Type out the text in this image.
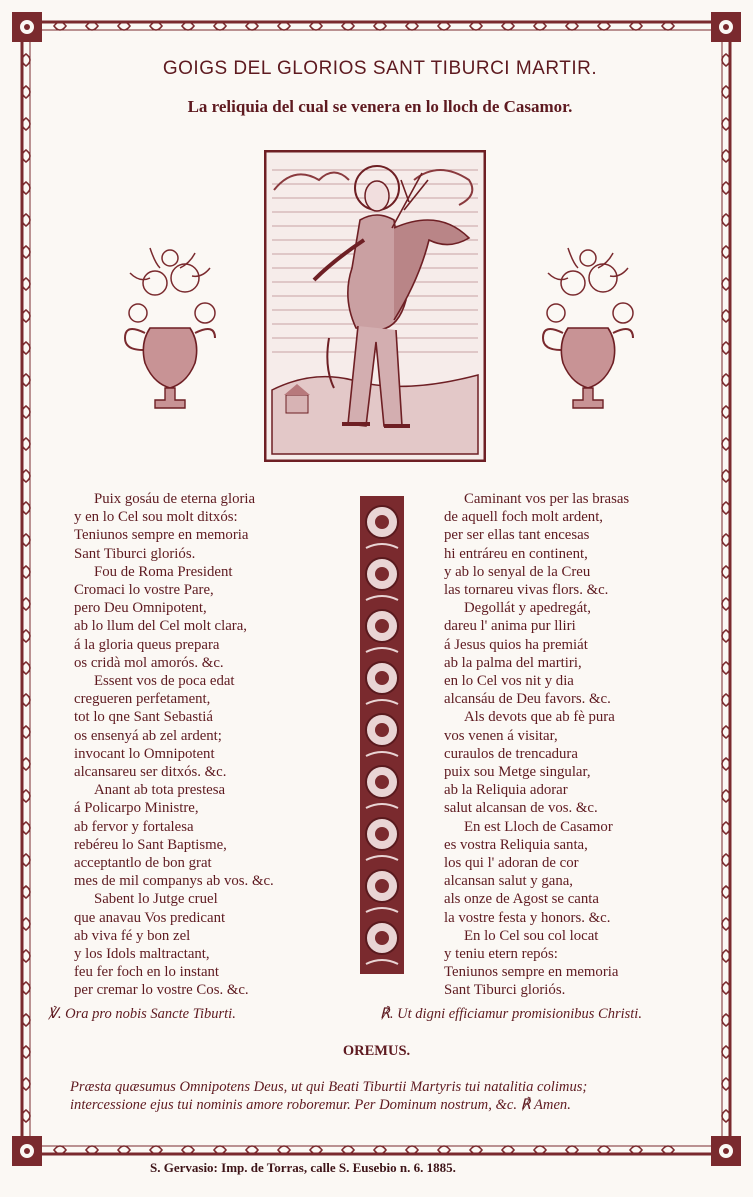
GOIGS DEL GLORIOS SANT TIBURCI MARTIR.

La reliquia del cual se venera en lo lloch de Casamor.

Puix gosáu de eterna gloria
y en lo Cel sou molt ditxós:
Teniunos sempre en memoria
Sant Tiburci gloriós.
Fou de Roma President
Cromaci lo vostre Pare,
pero Deu Omnipotent,
ab lo llum del Cel molt clara,
á la gloria queus prepara
os cridà mol amorós. &c.
Essent vos de poca edat
cregueren perfetament,
tot lo qne Sant Sebastiá
os ensenyá ab zel ardent;
invocant lo Omnipotent
alcansareu ser ditxós. &c.
Anant ab tota prestesa
á Policarpo Ministre,
ab fervor y fortalesa
rebéreu lo Sant Baptisme,
acceptantlo de bon grat
mes de mil companys ab vos. &c.
Sabent lo Jutge cruel
que anavau Vos predicant
ab viva fé y bon zel
y los Idols maltractant,
feu fer foch en lo instant
per cremar lo vostre Cos. &c.
Caminant vos per las brasas
de aquell foch molt ardent,
per ser ellas tant encesas
hi entráreu en continent,
y ab lo senyal de la Creu
las tornareu vivas flors. &c.
Degollát y apedregát,
dareu l' anima pur lliri
á Jesus quios ha premiát
ab la palma del martiri,
en lo Cel vos nit y dia
alcansáu de Deu favors. &c.
Als devots que ab fè pura
vos venen á visitar,
curaulos de trencadura
puix sou Metge singular,
ab la Reliquia adorar
salut alcansan de vos. &c.
En est Lloch de Casamor
es vostra Reliquia santa,
los qui l' adoran de cor
alcansan salut y gana,
als onze de Agost se canta
la vostre festa y honors. &c.
En lo Cel sou col locat
y teniu etern repós:
Teniunos sempre en memoria
Sant Tiburci gloriós.

℣. Ora pro nobis Sancte Tiburti.	℟. Ut digni efficiamur promisionibus Christi.

OREMUS.

Præsta quæsumus Omnipotens Deus, ut qui Beati Tiburtii Martyris tui natalitia colimus;
intercessione ejus tui nominis amore roboremur. Per Dominum nostrum, &c. ℟ Amen.

S. Gervasio: Imp. de Torras, calle S. Eusebio n. 6. 1885.
